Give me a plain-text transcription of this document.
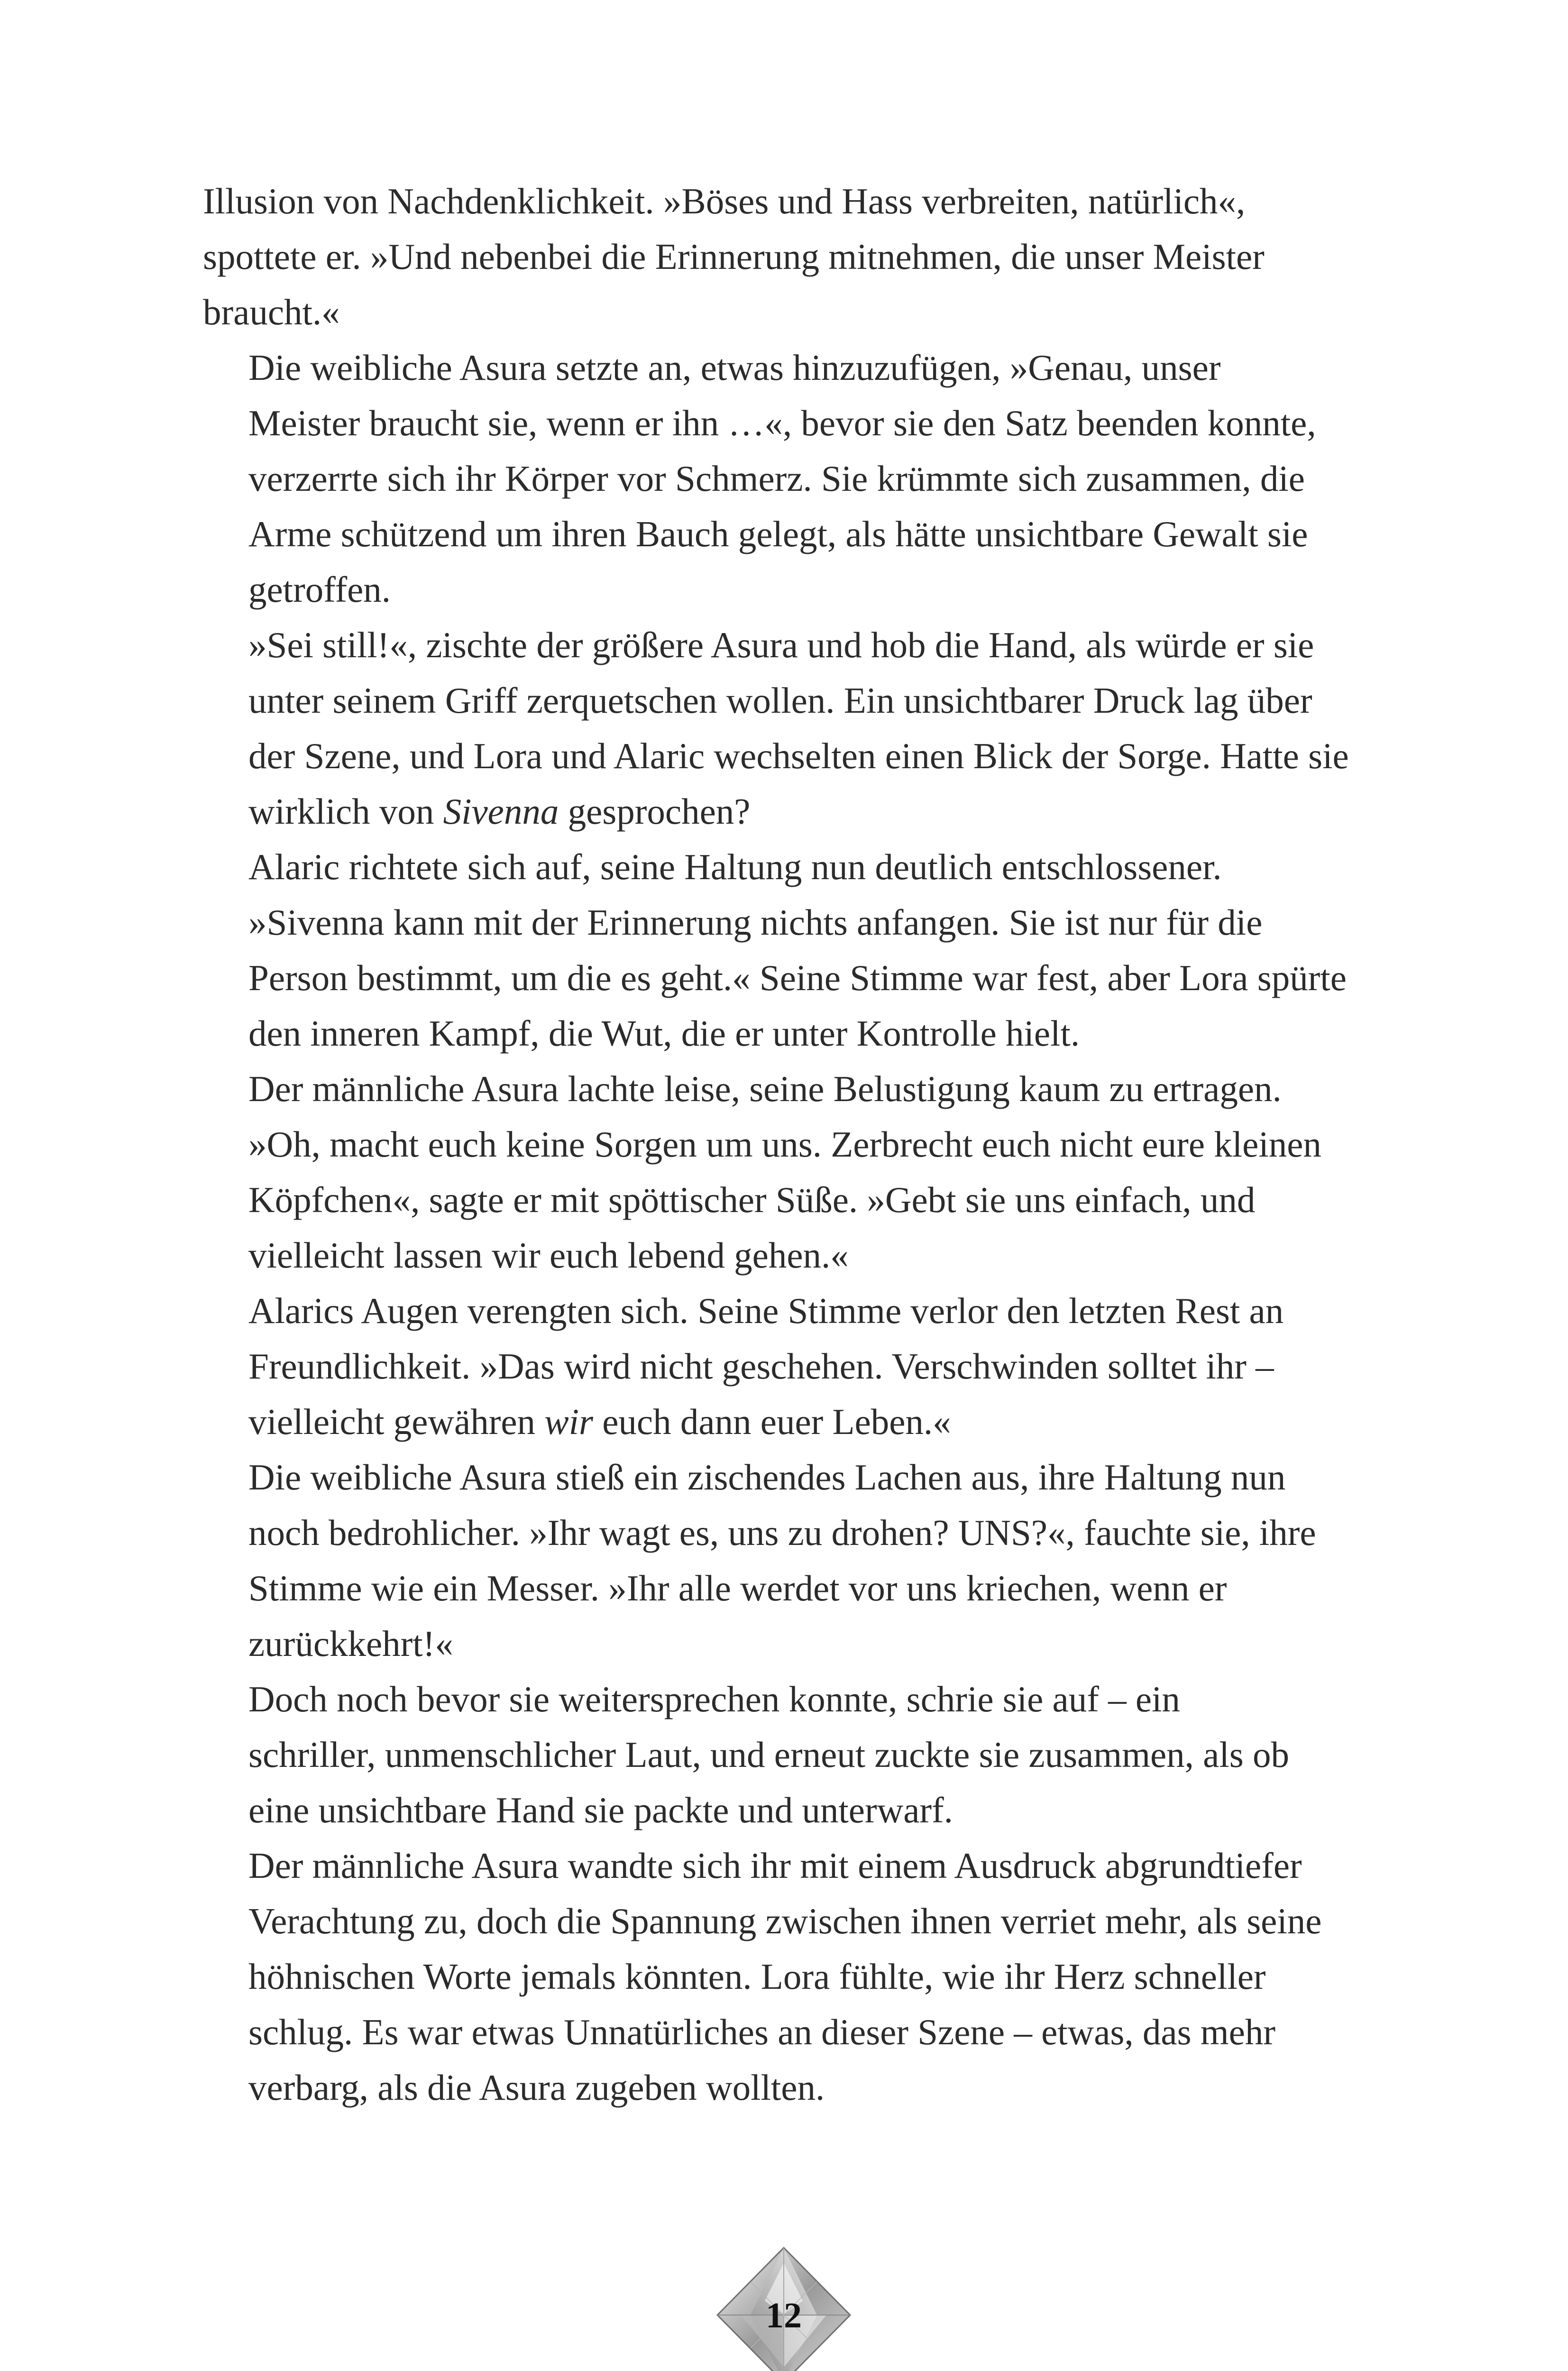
Illusion von Nachdenklichkeit. »Böses und Hass verbreiten, natürlich«,
spottete er. »Und nebenbei die Erinnerung mitnehmen, die unser Meister
braucht.«

Die weibliche Asura setzte an, etwas hinzuzufügen, »Genau, unser
Meister braucht sie, wenn er ihn …«, bevor sie den Satz beenden konnte,
verzerrte sich ihr Körper vor Schmerz. Sie krümmte sich zusammen, die
Arme schützend um ihren Bauch gelegt, als hätte unsichtbare Gewalt sie
getroffen.

»Sei still!«, zischte der größere Asura und hob die Hand, als würde er sie
unter seinem Griff zerquetschen wollen. Ein unsichtbarer Druck lag über
der Szene, und Lora und Alaric wechselten einen Blick der Sorge. Hatte sie
wirklich von Sivenna gesprochen?

Alaric richtete sich auf, seine Haltung nun deutlich entschlossener.
»Sivenna kann mit der Erinnerung nichts anfangen. Sie ist nur für die
Person bestimmt, um die es geht.« Seine Stimme war fest, aber Lora spürte
den inneren Kampf, die Wut, die er unter Kontrolle hielt.

Der männliche Asura lachte leise, seine Belustigung kaum zu ertragen.
»Oh, macht euch keine Sorgen um uns. Zerbrecht euch nicht eure kleinen
Köpfchen«, sagte er mit spöttischer Süße. »Gebt sie uns einfach, und
vielleicht lassen wir euch lebend gehen.«

Alarics Augen verengten sich. Seine Stimme verlor den letzten Rest an
Freundlichkeit. »Das wird nicht geschehen. Verschwinden solltet ihr –
vielleicht gewähren wir euch dann euer Leben.«

Die weibliche Asura stieß ein zischendes Lachen aus, ihre Haltung nun
noch bedrohlicher. »Ihr wagt es, uns zu drohen? UNS?«, fauchte sie, ihre
Stimme wie ein Messer. »Ihr alle werdet vor uns kriechen, wenn er
zurückkehrt!«

Doch noch bevor sie weitersprechen konnte, schrie sie auf – ein
schriller, unmenschlicher Laut, und erneut zuckte sie zusammen, als ob
eine unsichtbare Hand sie packte und unterwarf.

Der männliche Asura wandte sich ihr mit einem Ausdruck abgrundtiefer
Verachtung zu, doch die Spannung zwischen ihnen verriet mehr, als seine
höhnischen Worte jemals könnten. Lora fühlte, wie ihr Herz schneller
schlug. Es war etwas Unnatürliches an dieser Szene – etwas, das mehr
verbarg, als die Asura zugeben wollten.

12
